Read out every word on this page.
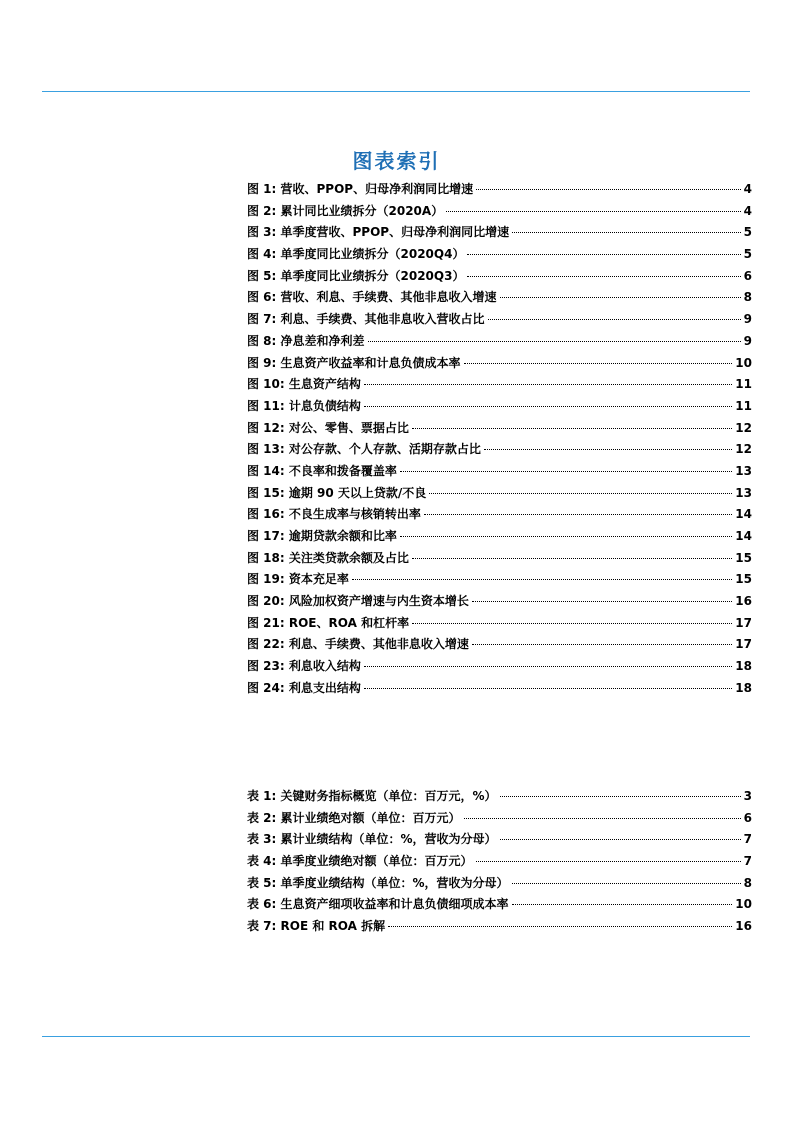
图表索引
图 1: 营收、PPOP、归母净利润同比增速	4
图 2: 累计同比业绩拆分（2020A）	4
图 3: 单季度营收、PPOP、归母净利润同比增速	5
图 4: 单季度同比业绩拆分（2020Q4）	5
图 5: 单季度同比业绩拆分（2020Q3）	6
图 6: 营收、利息、手续费、其他非息收入增速	8
图 7: 利息、手续费、其他非息收入营收占比	9
图 8: 净息差和净利差	9
图 9: 生息资产收益率和计息负债成本率	10
图 10: 生息资产结构	11
图 11: 计息负债结构	11
图 12: 对公、零售、票据占比	12
图 13: 对公存款、个人存款、活期存款占比	12
图 14: 不良率和拨备覆盖率	13
图 15: 逾期 90 天以上贷款/不良	13
图 16: 不良生成率与核销转出率	14
图 17: 逾期贷款余额和比率	14
图 18: 关注类贷款余额及占比	15
图 19: 资本充足率	15
图 20: 风险加权资产增速与内生资本增长	16
图 21: ROE、ROA 和杠杆率	17
图 22: 利息、手续费、其他非息收入增速	17
图 23: 利息收入结构	18
图 24: 利息支出结构	18
表 1: 关键财务指标概览（单位：百万元，%）	3
表 2: 累计业绩绝对额（单位：百万元）	6
表 3: 累计业绩结构（单位：%，营收为分母）	7
表 4: 单季度业绩绝对额（单位：百万元）	7
表 5: 单季度业绩结构（单位：%，营收为分母）	8
表 6: 生息资产细项收益率和计息负债细项成本率	10
表 7: ROE 和 ROA 拆解	16
